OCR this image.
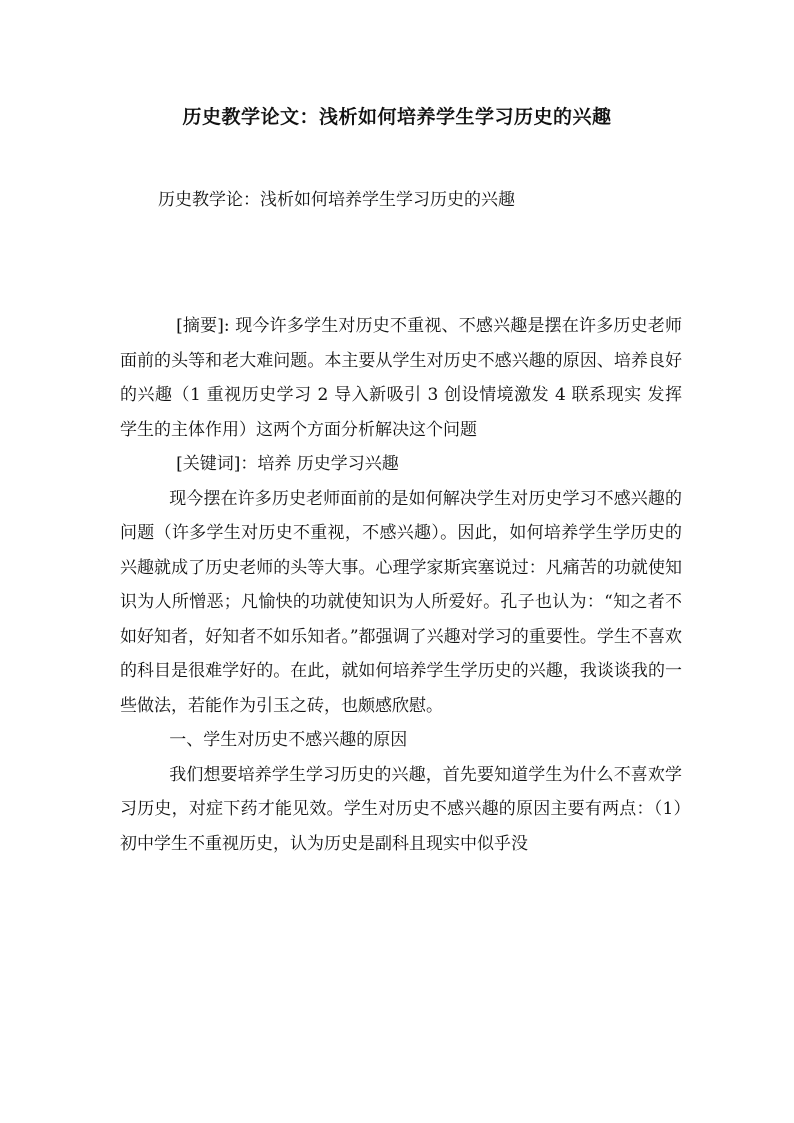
历史教学论文：浅析如何培养学生学习历史的兴趣
历史教学论：浅析如何培养学生学习历史的兴趣

[摘要]: 现今许多学生对历史不重视、不感兴趣是摆在许多历史老师面前的头等和老大难问题。本主要从学生对历史不感兴趣的原因、培养良好的兴趣（1 重视历史学习 2 导入新吸引 3 创设情境激发 4 联系现实 发挥学生的主体作用）这两个方面分析解决这个问题

[关键词]：培养 历史学习兴趣

现今摆在许多历史老师面前的是如何解决学生对历史学习不感兴趣的问题（许多学生对历史不重视，不感兴趣）。因此，如何培养学生学历史的兴趣就成了历史老师的头等大事。心理学家斯宾塞说过：凡痛苦的功就使知识为人所憎恶；凡愉快的功就使知识为人所爱好。孔子也认为：“知之者不如好知者，好知者不如乐知者。”都强调了兴趣对学习的重要性。学生不喜欢的科目是很难学好的。在此，就如何培养学生学历史的兴趣，我谈谈我的一些做法，若能作为引玉之砖，也颇感欣慰。

一、学生对历史不感兴趣的原因

我们想要培养学生学习历史的兴趣，首先要知道学生为什么不喜欢学习历史，对症下药才能见效。学生对历史不感兴趣的原因主要有两点：（1）初中学生不重视历史，认为历史是副科且现实中似乎没
